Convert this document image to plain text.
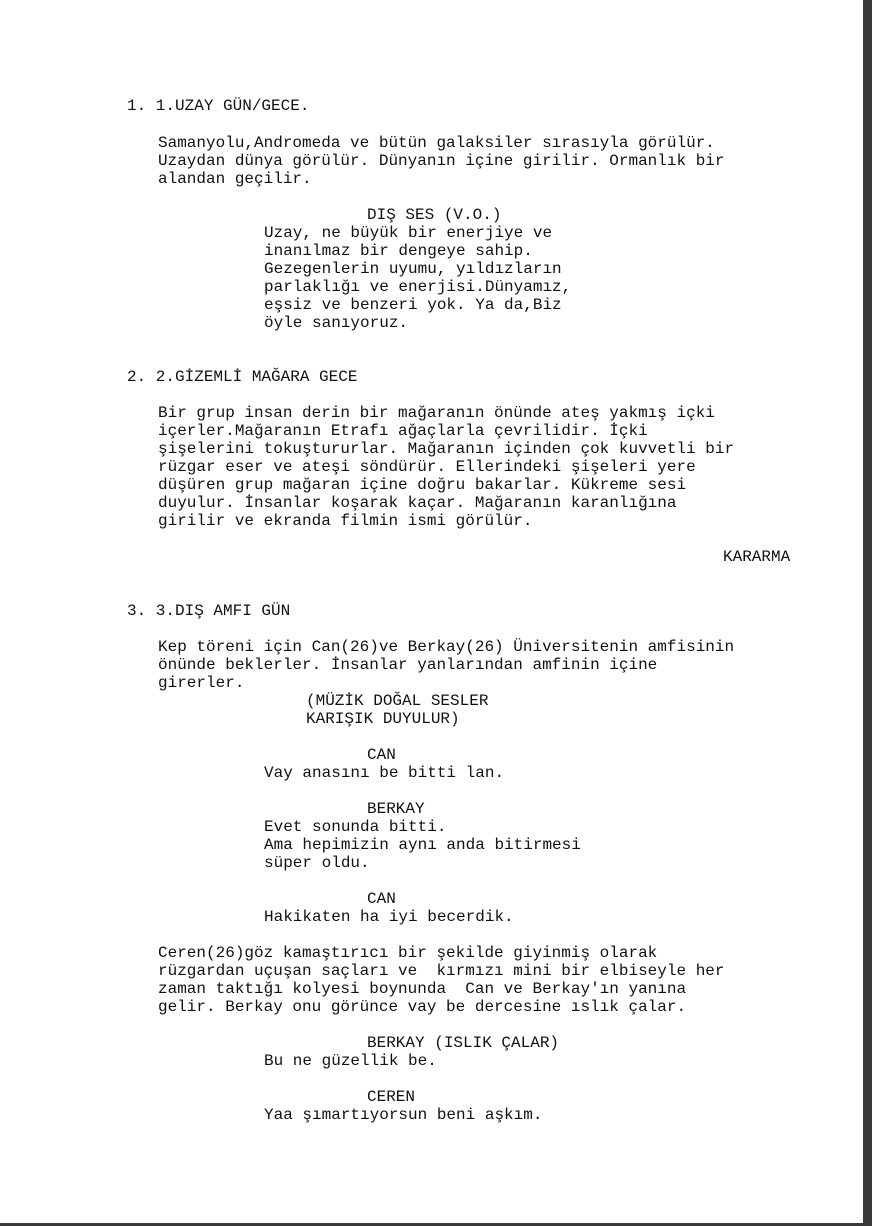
1. 1.UZAY GÜN/GECE.

Samanyolu,Andromeda ve bütün galaksiler sırasıyla görülür.

Uzaydan dünya görülür. Dünyanın içine girilir. Ormanlık bir

alandan geçilir.

DIŞ SES (V.O.)

Uzay, ne büyük bir enerjiye ve

inanılmaz bir dengeye sahip.

Gezegenlerin uyumu, yıldızların

parlaklığı ve enerjisi.Dünyamız,

eşsiz ve benzeri yok. Ya da,Biz

öyle sanıyoruz.

2. 2.GİZEMLİ MAĞARA GECE

Bir grup insan derin bir mağaranın önünde ateş yakmış içki

içerler.Mağaranın Etrafı ağaçlarla çevrilidir. İçki

şişelerini tokuştururlar. Mağaranın içinden çok kuvvetli bir

rüzgar eser ve ateşi söndürür. Ellerindeki şişeleri yere

düşüren grup mağaran içine doğru bakarlar. Kükreme sesi

duyulur. İnsanlar koşarak kaçar. Mağaranın karanlığına

girilir ve ekranda filmin ismi görülür.

KARARMA

3. 3.DIŞ AMFI GÜN

Kep töreni için Can(26)ve Berkay(26) Üniversitenin amfisinin

önünde beklerler. İnsanlar yanlarından amfinin içine

girerler.

(MÜZİK DOĞAL SESLER

KARIŞIK DUYULUR)

CAN

Vay anasını be bitti lan.

BERKAY

Evet sonunda bitti.

Ama hepimizin aynı anda bitirmesi

süper oldu.

CAN

Hakikaten ha iyi becerdik.

Ceren(26)göz kamaştırıcı bir şekilde giyinmiş olarak

rüzgardan uçuşan saçları ve  kırmızı mini bir elbiseyle her

zaman taktığı kolyesi boynunda  Can ve Berkay'ın yanına

gelir. Berkay onu görünce vay be dercesine ıslık çalar.

BERKAY (ISLIK ÇALAR)

Bu ne güzellik be.

CEREN

Yaa şımartıyorsun beni aşkım.
